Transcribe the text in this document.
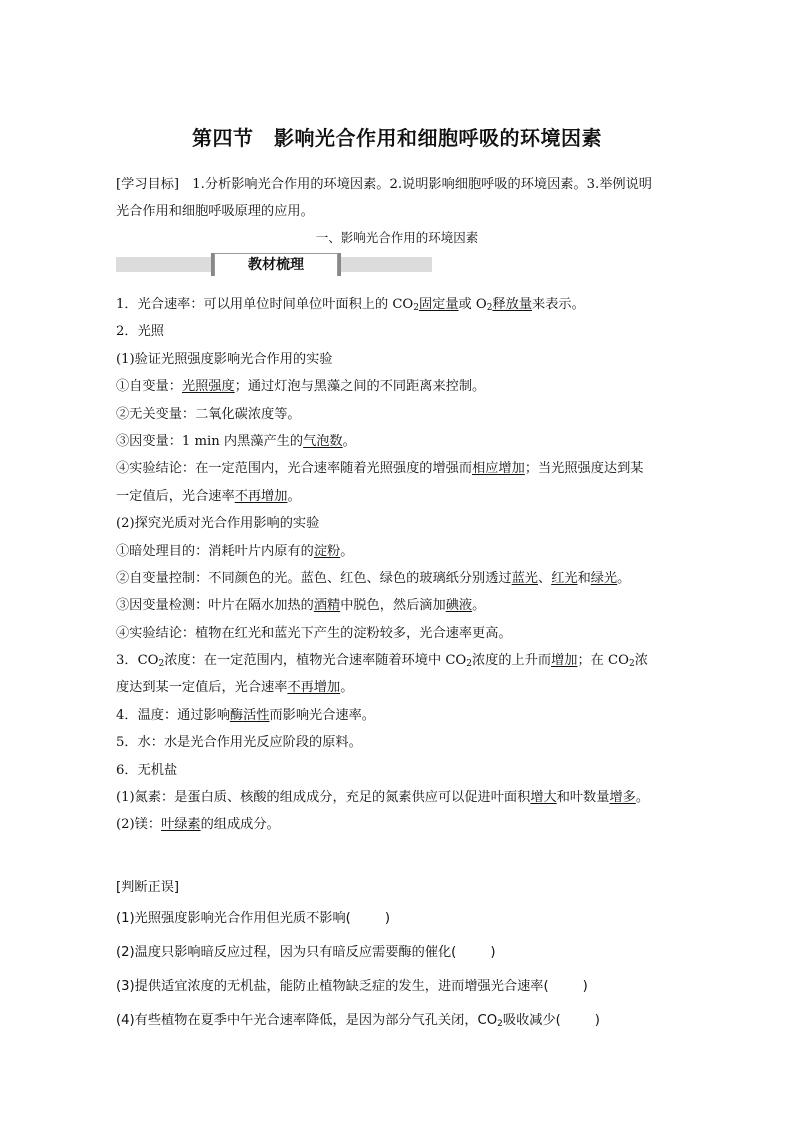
第四节　影响光合作用和细胞呼吸的环境因素
[学习目标]　1.分析影响光合作用的环境因素。2.说明影响细胞呼吸的环境因素。3.举例说明
光合作用和细胞呼吸原理的应用。
一、影响光合作用的环境因素
教材梳理
1．光合速率：可以用单位时间单位叶面积上的 $CO_2$固定量或 $O_2$释放量来表示。
2．光照
(1)验证光照强度影响光合作用的实验
①自变量：光照强度；通过灯泡与黑藻之间的不同距离来控制。
②无关变量：二氧化碳浓度等。
③因变量：1 min 内黑藻产生的气泡数。
④实验结论：在一定范围内，光合速率随着光照强度的增强而相应增加；当光照强度达到某
一定值后，光合速率不再增加。
(2)探究光质对光合作用影响的实验
①暗处理目的：消耗叶片内原有的淀粉。
②自变量控制：不同颜色的光。蓝色、红色、绿色的玻璃纸分别透过蓝光、红光和绿光。
③因变量检测：叶片在隔水加热的酒精中脱色，然后滴加碘液。
④实验结论：植物在红光和蓝光下产生的淀粉较多，光合速率更高。
3．$CO_2$浓度：在一定范围内，植物光合速率随着环境中 $CO_2$浓度的上升而增加；在 $CO_2$浓
度达到某一定值后，光合速率不再增加。
4．温度：通过影响酶活性而影响光合速率。
5．水：水是光合作用光反应阶段的原料。
6．无机盐
(1)氮素：是蛋白质、核酸的组成成分，充足的氮素供应可以促进叶面积增大和叶数量增多。
(2)镁：叶绿素的组成成分。
[判断正误]
(1)光照强度影响光合作用但光质不影响(	)
(2)温度只影响暗反应过程，因为只有暗反应需要酶的催化(	)
(3)提供适宜浓度的无机盐，能防止植物缺乏症的发生，进而增强光合速率(	)
(4)有些植物在夏季中午光合速率降低，是因为部分气孔关闭，$CO_2$吸收减少(	)
